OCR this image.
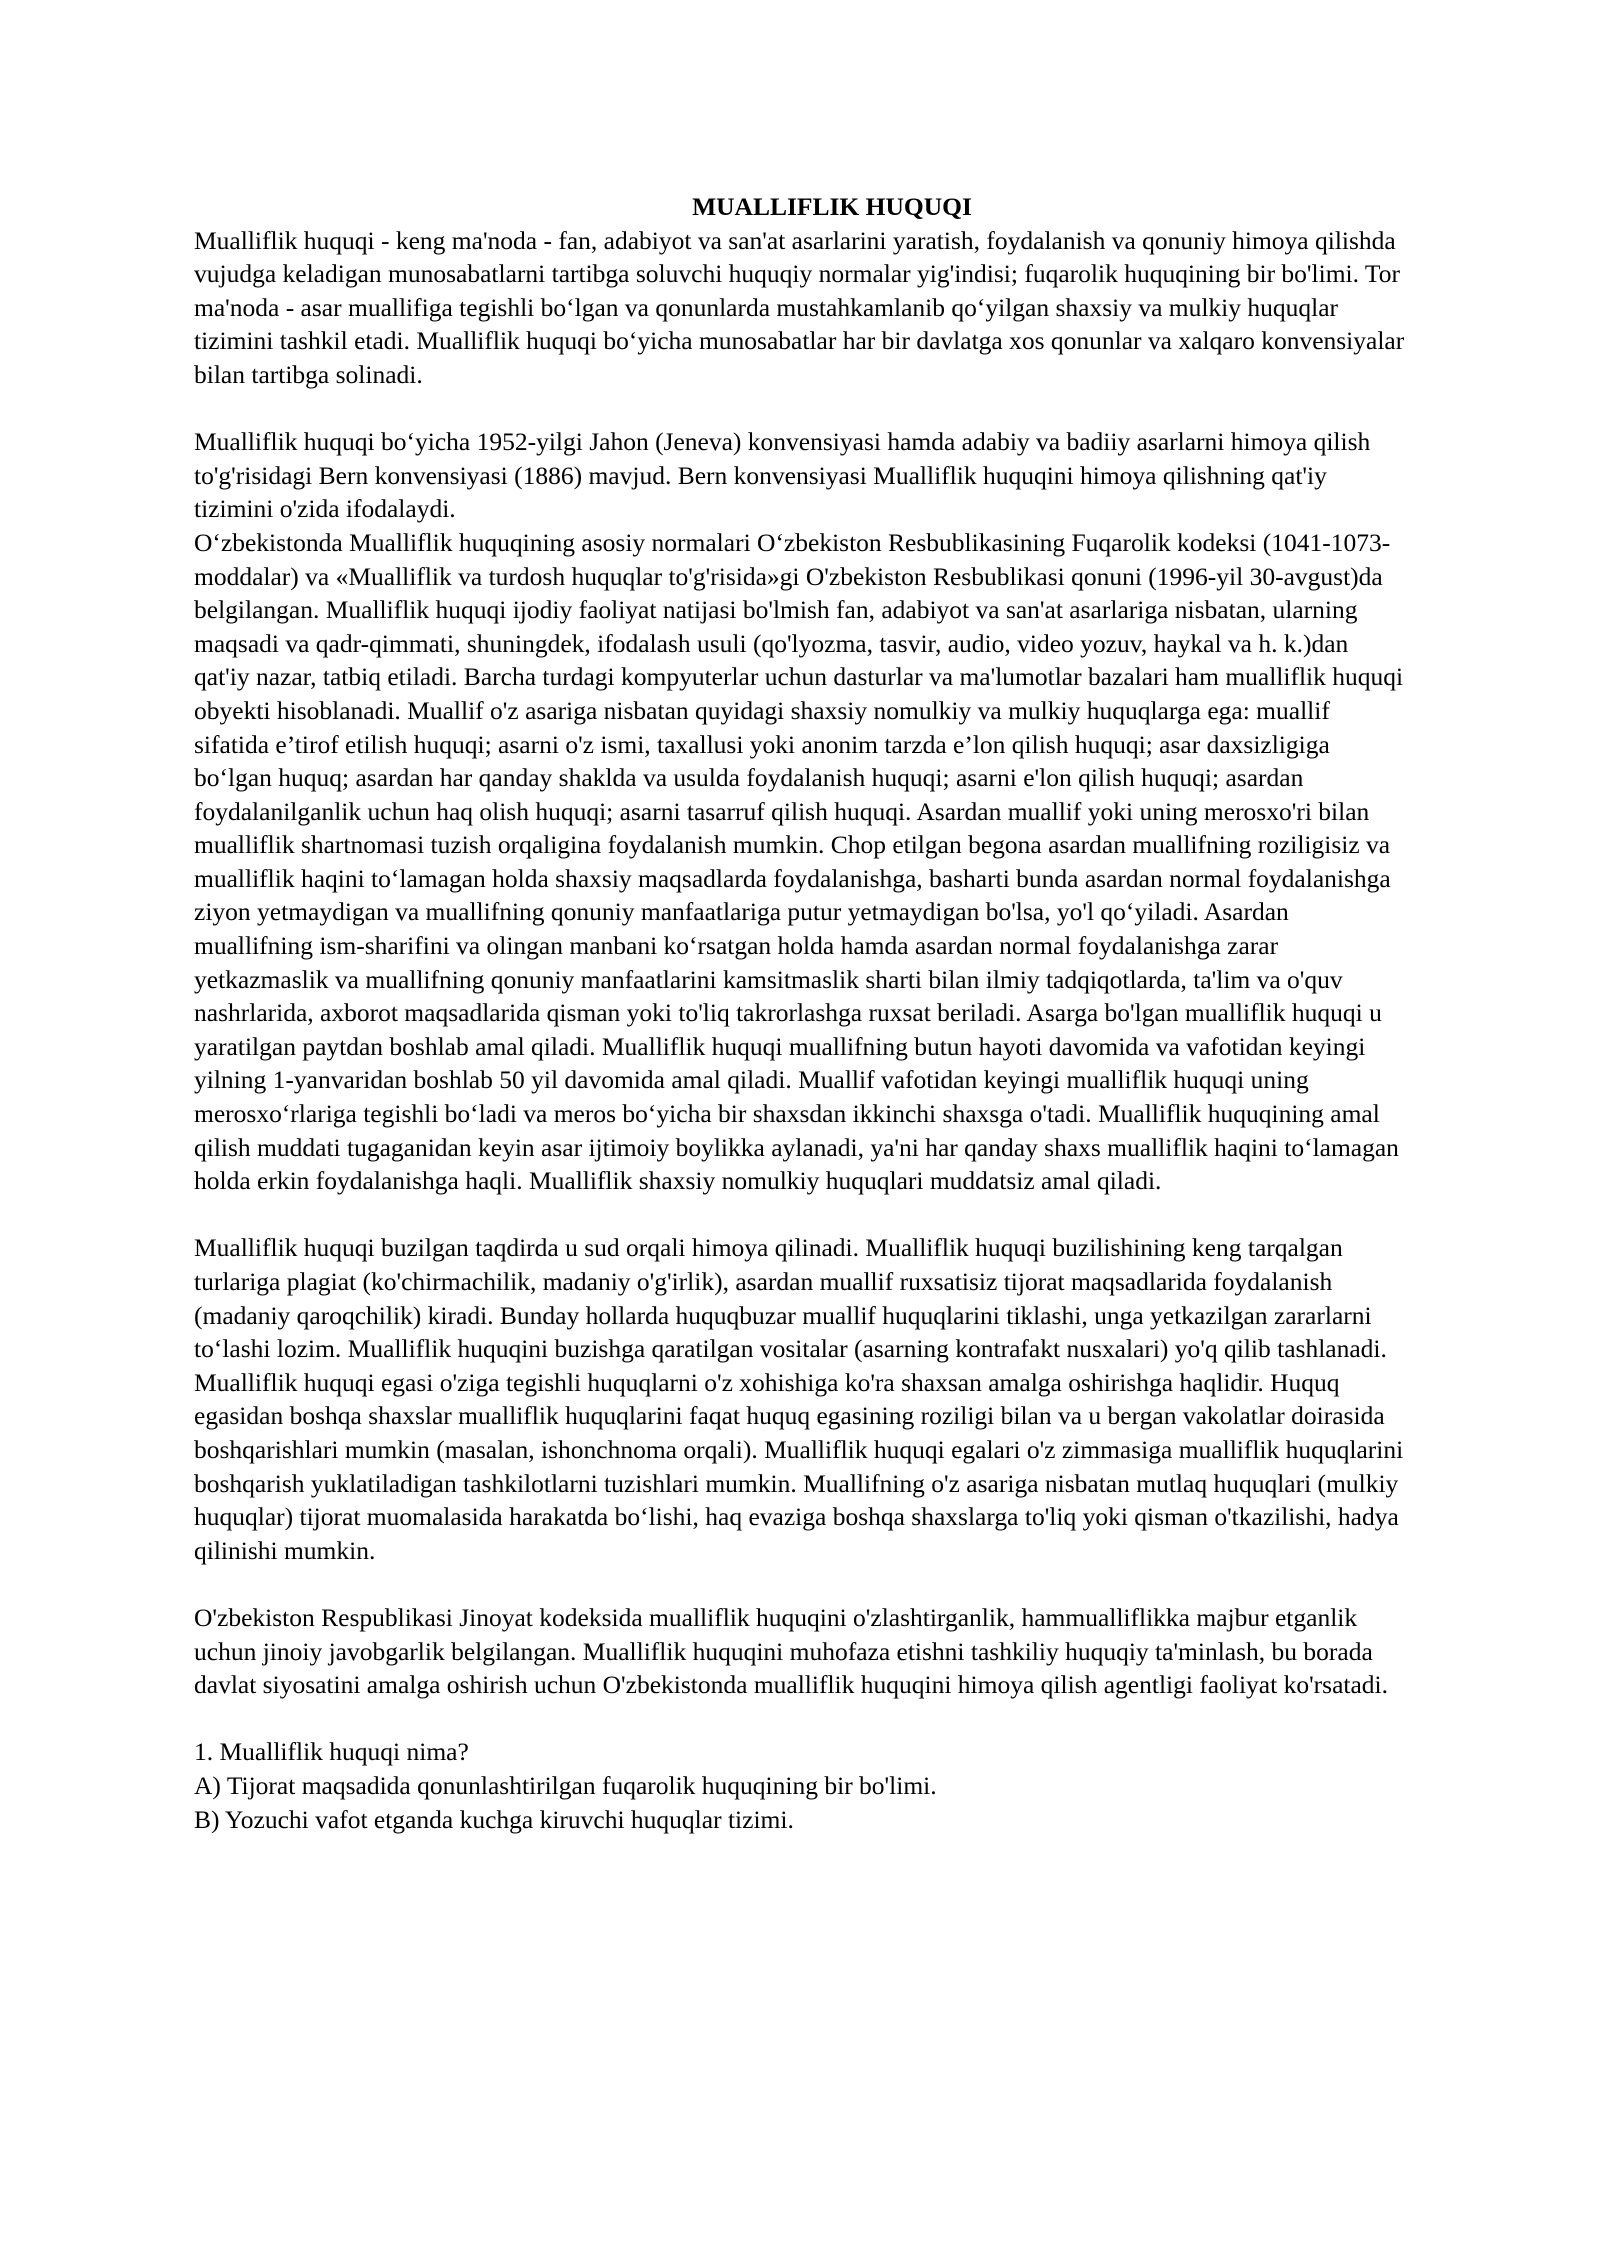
MUALLIFLIK HUQUQI

Mualliflik huquqi - keng ma'noda - fan, adabiyot va san'at asarlarini yaratish, foydalanish va qonuniy himoya qilishda vujudga keladigan munosabatlarni tartibga soluvchi huquqiy normalar yig'indisi; fuqarolik huquqining bir bo'limi. Tor ma'noda - asar muallifiga tegishli bo‘lgan va qonunlarda mustahkamlanib qo‘yilgan shaxsiy va mulkiy huquqlar tizimini tashkil etadi. Mualliflik huquqi bo‘yicha munosabatlar har bir davlatga xos qonunlar va xalqaro konvensiyalar bilan tartibga solinadi.

Mualliflik huquqi bo‘yicha 1952-yilgi Jahon (Jeneva) konvensiyasi hamda adabiy va badiiy asarlarni himoya qilish to'g'risidagi Bern konvensiyasi (1886) mavjud. Bern konvensiyasi Mualliflik huquqini himoya qilishning qat'iy tizimini o'zida ifodalaydi.

O‘zbekistonda Mualliflik huquqining asosiy normalari O‘zbekiston Resbublikasining Fuqarolik kodeksi (1041-1073-moddalar) va «Mualliflik va turdosh huquqlar to'g'risida»gi O'zbekiston Resbublikasi qonuni (1996-yil 30-avgust)da belgilangan. Mualliflik huquqi ijodiy faoliyat natijasi bo'lmish fan, adabiyot va san'at asarlariga nisbatan, ularning maqsadi va qadr-qimmati, shuningdek, ifodalash usuli (qo'lyozma, tasvir, audio, video yozuv, haykal va h. k.)dan qat'iy nazar, tatbiq etiladi. Barcha turdagi kompyuterlar uchun dasturlar va ma'lumotlar bazalari ham mualliflik huquqi obyekti hisoblanadi. Muallif o'z asariga nisbatan quyidagi shaxsiy nomulkiy va mulkiy huquqlarga ega: muallif sifatida e’tirof etilish huquqi; asarni o'z ismi, taxallusi yoki anonim tarzda e’lon qilish huquqi; asar daxsizligiga bo‘lgan huquq; asardan har qanday shaklda va usulda foydalanish huquqi; asarni e'lon qilish huquqi; asardan foydalanilganlik uchun haq olish huquqi; asarni tasarruf qilish huquqi. Asardan muallif yoki uning merosxo'ri bilan mualliflik shartnomasi tuzish orqaligina foydalanish mumkin. Chop etilgan begona asardan muallifning roziligisiz va mualliflik haqini to‘lamagan holda shaxsiy maqsadlarda foydalanishga, basharti bunda asardan normal foydalanishga ziyon yetmaydigan va muallifning qonuniy manfaatlariga putur yetmaydigan bo'lsa, yo'l qo‘yiladi. Asardan muallifning ism-sharifini va olingan manbani ko‘rsatgan holda hamda asardan normal foydalanishga zarar yetkazmaslik va muallifning qonuniy manfaatlarini kamsitmaslik sharti bilan ilmiy tadqiqotlarda, ta'lim va o'quv nashrlarida, axborot maqsadlarida qisman yoki to'liq takrorlashga ruxsat beriladi. Asarga bo'lgan mualliflik huquqi u yaratilgan paytdan boshlab amal qiladi. Mualliflik huquqi muallifning butun hayoti davomida va vafotidan keyingi yilning 1-yanvaridan boshlab 50 yil davomida amal qiladi. Muallif vafotidan keyingi mualliflik huquqi uning merosxo‘rlariga tegishli bo‘ladi va meros bo‘yicha bir shaxsdan ikkinchi shaxsga o'tadi. Mualliflik huquqining amal qilish muddati tugaganidan keyin asar ijtimoiy boylikka aylanadi, ya'ni har qanday shaxs mualliflik haqini to‘lamagan holda erkin foydalanishga haqli. Mualliflik shaxsiy nomulkiy huquqlari muddatsiz amal qiladi.

Mualliflik huquqi buzilgan taqdirda u sud orqali himoya qilinadi. Mualliflik huquqi buzilishining keng tarqalgan turlariga plagiat (ko'chirmachilik, madaniy o'g'irlik), asardan muallif ruxsatisiz tijorat maqsadlarida foydalanish (madaniy qaroqchilik) kiradi. Bunday hollarda huquqbuzar muallif huquqlarini tiklashi, unga yetkazilgan zararlarni to‘lashi lozim. Mualliflik huquqini buzishga qaratilgan vositalar (asarning kontrafakt nusxalari) yo'q qilib tashlanadi. Mualliflik huquqi egasi o'ziga tegishli huquqlarni o'z xohishiga ko'ra shaxsan amalga oshirishga haqlidir. Huquq egasidan boshqa shaxslar mualliflik huquqlarini faqat huquq egasining roziligi bilan va u bergan vakolatlar doirasida boshqarishlari mumkin (masalan, ishonchnoma orqali). Mualliflik huquqi egalari o'z zimmasiga mualliflik huquqlarini boshqarish yuklatiladigan tashkilotlarni tuzishlari mumkin. Muallifning o'z asariga nisbatan mutlaq huquqlari (mulkiy huquqlar) tijorat muomalasida harakatda bo‘lishi, haq evaziga boshqa shaxslarga to'liq yoki qisman o'tkazilishi, hadya qilinishi mumkin.

O'zbekiston Respublikasi Jinoyat kodeksida mualliflik huquqini o'zlashtirganlik, hammualliflikka majbur etganlik uchun jinoiy javobgarlik belgilangan. Mualliflik huquqini muhofaza etishni tashkiliy huquqiy ta'minlash, bu borada davlat siyosatini amalga oshirish uchun O'zbekistonda mualliflik huquqini himoya qilish agentligi faoliyat ko'rsatadi.

1. Mualliflik huquqi nima?

A) Tijorat maqsadida qonunlashtirilgan fuqarolik huquqining bir bo'limi.

B) Yozuchi vafot etganda kuchga kiruvchi huquqlar tizimi.
